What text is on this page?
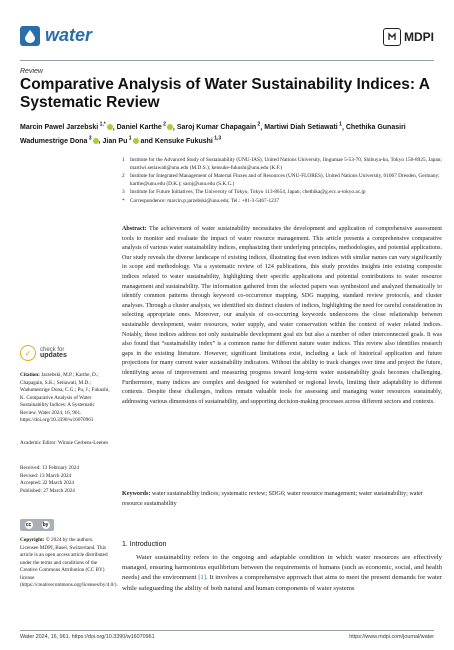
water	MDPI
Review
Comparative Analysis of Water Sustainability Indices: A Systematic Review
Marcin Pawel Jarzebski $^{1,*}$ , Daniel Karthe $^2$ , Saroj Kumar Chapagain $^2$, Martiwi Diah Setiawati $^1$, Chethika Gunasiri Wadumestrige Dona $^3$ , Jian Pu $^1$ and Kensuke Fukushi $^{1,3}$
1	Institute for the Advanced Study of Sustainability (UNU-IAS), United Nations University, Jingumae 5-53-70, Shibuya-ku, Tokyo 150-8925, Japan; martiwi.setiawati@unu.edu (M.D.S.); kensuke-fukushi@unu.edu (K.F.)
2	Institute for Integrated Management of Material Fluxes and of Resources (UNU-FLORES), United Nations University, 01067 Dresden, Germany; karthe@unu.edu (D.K.); saroj@unu.edu (S.K.C.)
3	Institute for Future Initiatives, The University of Tokyo, Tokyo 113-8654, Japan; chethika@g.ecc.u-tokyo.ac.jp
*	Correspondence: marcin.p.jarzebski@unu.edu; Tel.: +81-3-5467-1237
Abstract: The achievement of water sustainability necessitates the development and application of comprehensive assessment tools to monitor and evaluate the impact of water resource management. This article presents a comprehensive comparative analysis of various water sustainability indices, emphasizing their underlying principles, methodologies, and potential applications. Our study reveals the diverse landscape of existing indices, illustrating that even indices with similar names can vary significantly in scope and methodology. Via a systematic review of 124 publications, this study provides insights into existing composite indices related to water sustainability, highlighting their specific applications and potential contributions to water resource management and sustainability. The information gathered from the selected papers was synthesized and analyzed thematically to identify common patterns through keyword co-occurrence mapping, SDG mapping, standard review protocols, and cluster analyses. Through a cluster analysis, we identified six distinct clusters of indices, highlighting the need for careful consideration in selecting appropriate ones. Moreover, our analysis of co-occurring keywords underscores the close relationship between sustainable development, water resources, water supply, and water conservation within the context of water related indices. Notably, these indices address not only sustainable development goal six but also a number of other interconnected goals. It was also found that “sustainability index” is a common name for different nature water indices. This review also identifies research gaps in the existing literature. However, significant limitations exist, including a lack of historical application and future projections for many current water sustainability indicators. Without the ability to track changes over time and project the future, identifying areas of improvement and measuring progress toward long-term water sustainability goals becomes challenging. Furthermore, many indices are complex and designed for watershed or regional levels, limiting their adaptability to different contexts. Despite these challenges, indices remain valuable tools for assessing and managing water resources sustainably, addressing various dimensions of sustainability, and supporting decision-making processes across different sectors and contexts.
Keywords: water sustainability indices; systematic review; SDG6; water resource management; water sustainability; water resource sustainability
1. Introduction
Water sustainability refers to the ongoing and adaptable condition in which water resources are effectively managed, ensuring harmonious equilibrium between the requirements of humans (such as economic, social, and health needs) and the environment [1]. It involves a comprehensive approach that aims to meet the present demands for water while safeguarding the ability of both natural and human components of water systems
✓	check for
updates
Citation: Jarzebski, M.P.; Karthe, D.; Chapagain, S.K.; Setiawati, M.D.; Wadumestrige Dona, C.G.; Pu, J.; Fukushi, K. Comparative Analysis of Water Sustainability Indices: A Systematic Review. Water 2024, 16, 961. https://doi.org/10.3390/w16070961
Academic Editor: Winnie Gerbens-Leenes
Received: 13 February 2024
Revised: 13 March 2024
Accepted: 22 March 2024
Published: 27 March 2024
cc by
Copyright: © 2024 by the authors. Licensee MDPI, Basel, Switzerland. This article is an open access article distributed under the terms and conditions of the Creative Commons Attribution (CC BY) license (https://creativecommons.org/licenses/by/4.0/).
Water 2024, 16, 961. https://doi.org/10.3390/w16070961	https://www.mdpi.com/journal/water
